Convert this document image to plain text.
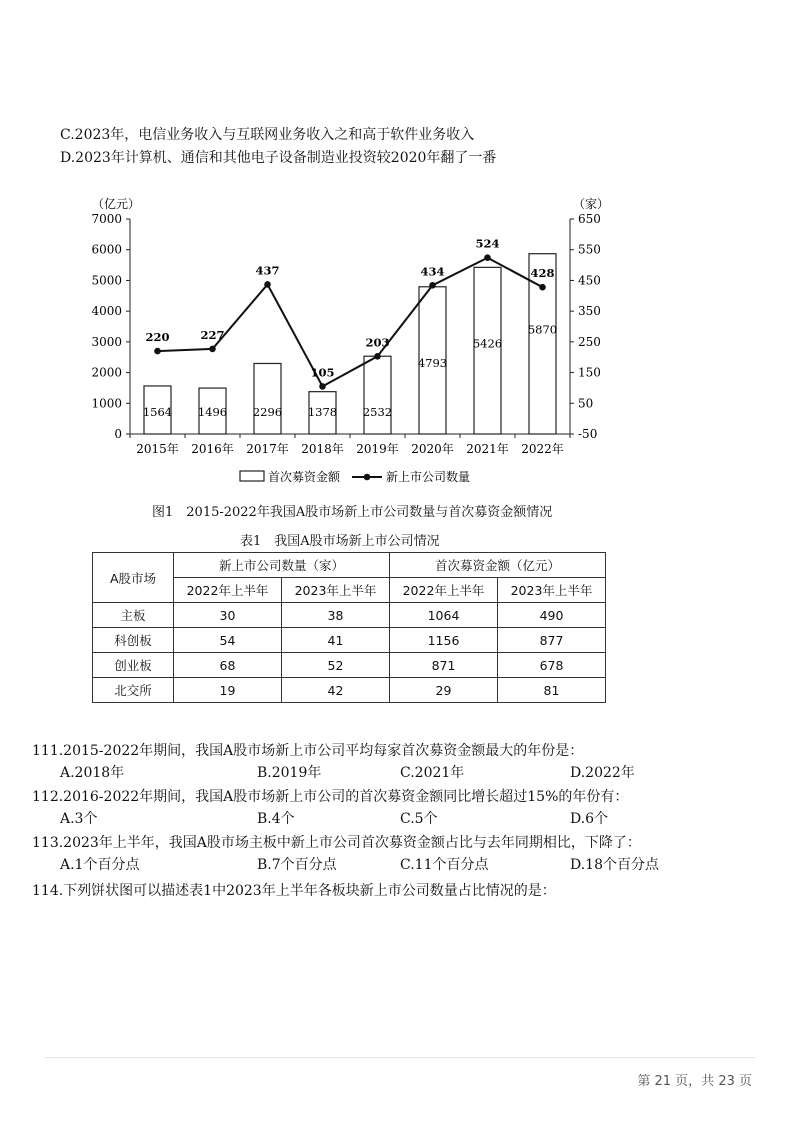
C.2023年，电信业务收入与互联网业务收入之和高于软件业务收入
D.2023年计算机、通信和其他电子设备制造业投资较2020年翻了一番
（亿元）	（家）
0
1000
2000
3000
4000
5000
6000
7000
-50
50
150
250
350
450
550
650
2015年 2016年 2017年 2018年 2019年 2020年 2021年 2022年
1564 1496 2296 1378 2532
4793
5426
5870
220	227
437
105
203
434
524
428
首次募资金额	新上市公司数量
图1　2015-2022年我国A股市场新上市公司数量与首次募资金额情况
表1　我国A股市场新上市公司情况
A股市场	新上市公司数量（家）		首次募资金额（亿元）	
	2022年上半年	2023年上半年	2022年上半年	2023年上半年
主板	30	38	1064	490
科创板	54	41	1156	877
创业板	68	52	871	678
北交所	19	42	29	81
111.2015-2022年期间，我国A股市场新上市公司平均每家首次募资金额最大的年份是：
A.2018年	B.2019年	C.2021年	D.2022年
112.2016-2022年期间，我国A股市场新上市公司的首次募资金额同比增长超过15%的年份有：
A.3个	B.4个	C.5个	D.6个
113.2023年上半年，我国A股市场主板中新上市公司首次募资金额占比与去年同期相比，下降了：
A.1个百分点	B.7个百分点	C.11个百分点	D.18个百分点
114.下列饼状图可以描述表1中2023年上半年各板块新上市公司数量占比情况的是：
第 21 页，共 23 页
